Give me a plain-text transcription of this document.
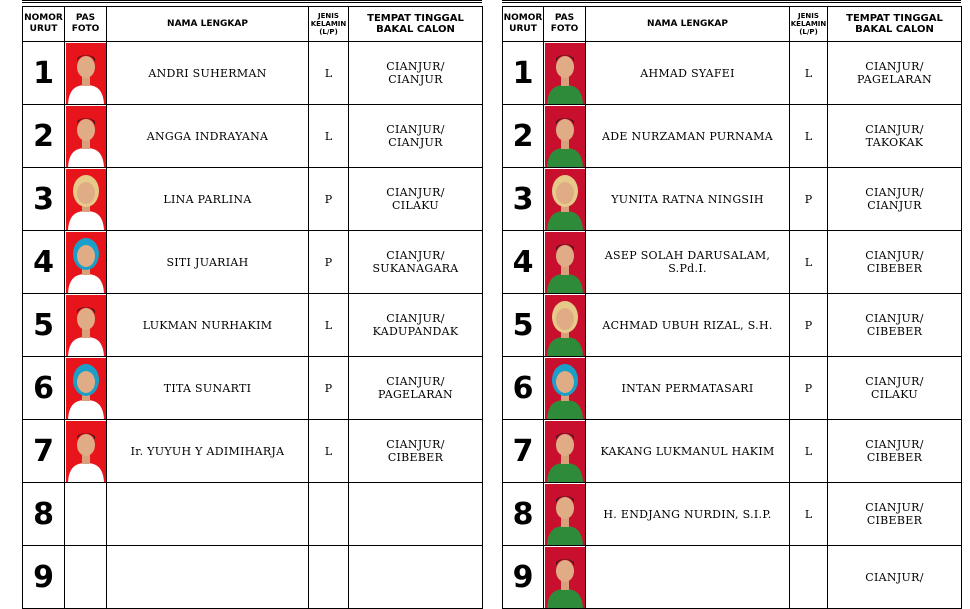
NOMOR URUT	PAS FOTO	NAMA LENGKAP	JENIS KELAMIN (L/P)	TEMPAT TINGGAL BAKAL CALON
1		ANDRI SUHERMAN	L	CIANJUR/
CIANJUR

2		ANGGA INDRAYANA	L	CIANJUR/
CIANJUR

3		LINA PARLINA	P	CIANJUR/
CILAKU

4		SITI JUARIAH	P	CIANJUR/
SUKANAGARA

5		LUKMAN NURHAKIM	L	CIANJUR/
KADUPANDAK

6		TITA SUNARTI	P	CIANJUR/
PAGELARAN

7		Ir. YUYUH Y ADIMIHARJA	L	CIANJUR/
CIBEBER

8	

9	

NOMOR URUT	PAS FOTO	NAMA LENGKAP	JENIS KELAMIN (L/P)	TEMPAT TINGGAL BAKAL CALON
1		AHMAD SYAFEI	L	CIANJUR/
PAGELARAN

2		ADE NURZAMAN PURNAMA	L	CIANJUR/
TAKOKAK

3		YUNITA RATNA NINGSIH	P	CIANJUR/
CIANJUR

4		ASEP SOLAH DARUSALAM, S.Pd.I.	L	CIANJUR/
CIBEBER

5		ACHMAD UBUH RIZAL, S.H.	P	CIANJUR/
CIBEBER

6		INTAN PERMATASARI	P	CIANJUR/
CILAKU

7		KAKANG LUKMANUL HAKIM	L	CIANJUR/
CIBEBER

8		H. ENDJANG NURDIN, S.I.P.	L	CIANJUR/
CIBEBER

9				CIANJUR/
